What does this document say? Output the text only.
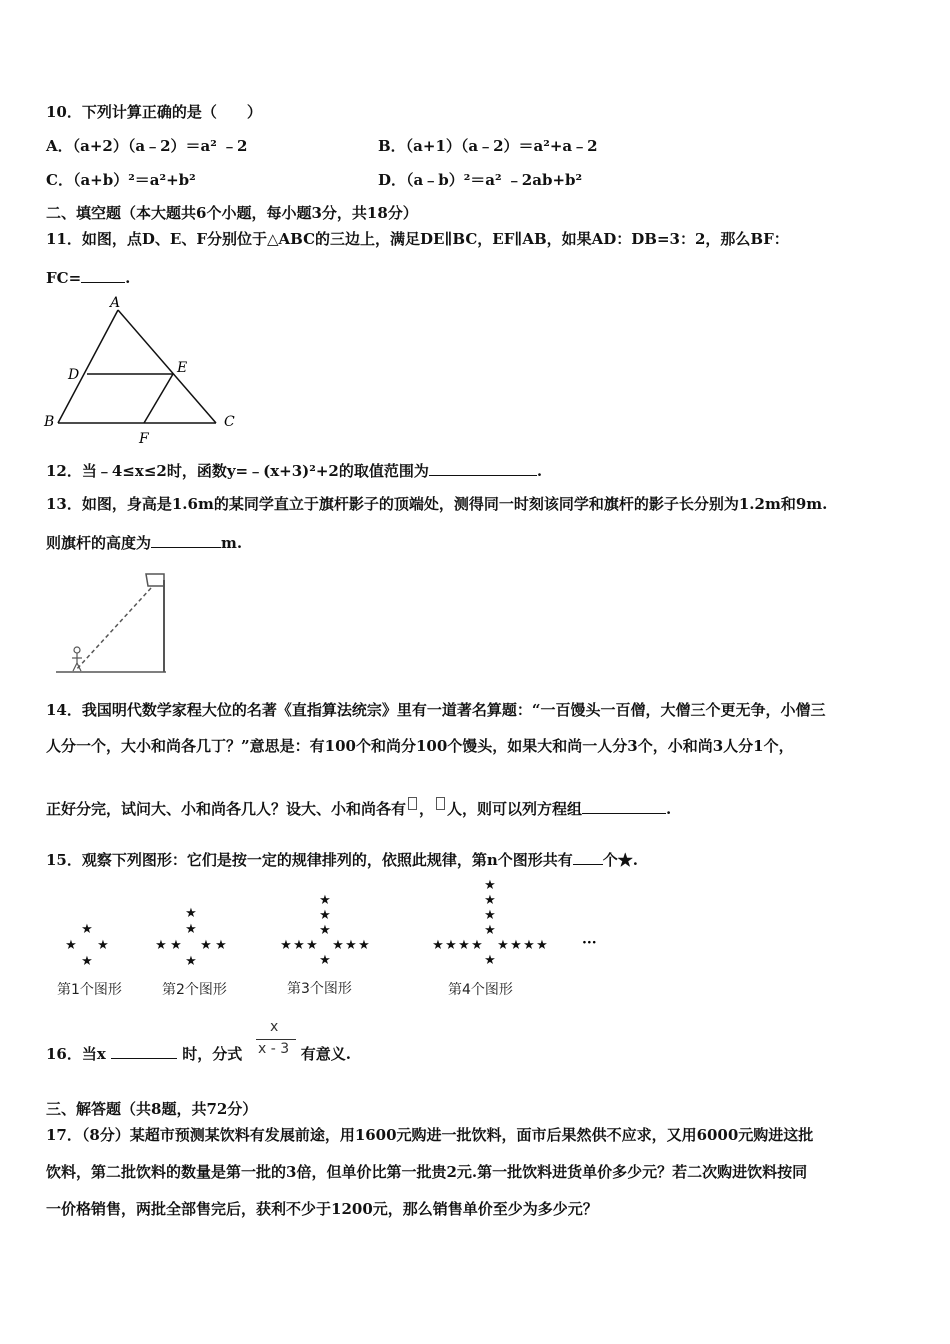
10．下列计算正确的是（　　）
A．（a+2）（a﹣2）＝a² ﹣2	B．（a+1）（a﹣2）＝a²+a﹣2
C．（a+b）²＝a²+b²	D．（a﹣b）²＝a² ﹣2ab+b²
二、填空题（本大题共6个小题，每小题3分，共18分）
11．如图，点D、E、F分别位于△ABC的三边上，满足DE∥BC，EF∥AB，如果AD：DB=3：2，那么BF：
FC=	.
A
D	E
B	C
F
12．当﹣4≤x≤2时，函数y=﹣(x+3)²+2的取值范围为	.
13．如图，身高是1.6m的某同学直立于旗杆影子的顶端处，测得同一时刻该同学和旗杆的影子长分别为1.2m和9m.
则旗杆的高度为	m.
14．我国明代数学家程大位的名著《直指算法统宗》里有一道著名算题：“一百馒头一百僧，大僧三个更无争，小僧三
人分一个，大小和尚各几丁？”意思是：有100个和尚分100个馒头，如果大和尚一人分3个，小和尚3人分1个，
正好分完，试问大、小和尚各几人？设大、小和尚各有 ， 人，则可以列方程组	.
15．观察下列图形：它们是按一定的规律排列的，依照此规律，第n个图形共有 个★.
★ ★
★
★
★ ★
★
★	★
★
★
★ ★
★
★	★
★
★	★
★
★
★ ★
★
★	★
★
★	★
★
★	★
★
★
···
第1个图形	第2个图形	第3个图形	第4个图形
16．当x	时，分式	有意义.
x
x - 3
三、解答题（共8题，共72分）
17．（8分）某超市预测某饮料有发展前途，用1600元购进一批饮料，面市后果然供不应求，又用6000元购进这批
饮料，第二批饮料的数量是第一批的3倍，但单价比第一批贵2元.第一批饮料进货单价多少元？若二次购进饮料按同
一价格销售，两批全部售完后，获利不少于1200元，那么销售单价至少为多少元？
